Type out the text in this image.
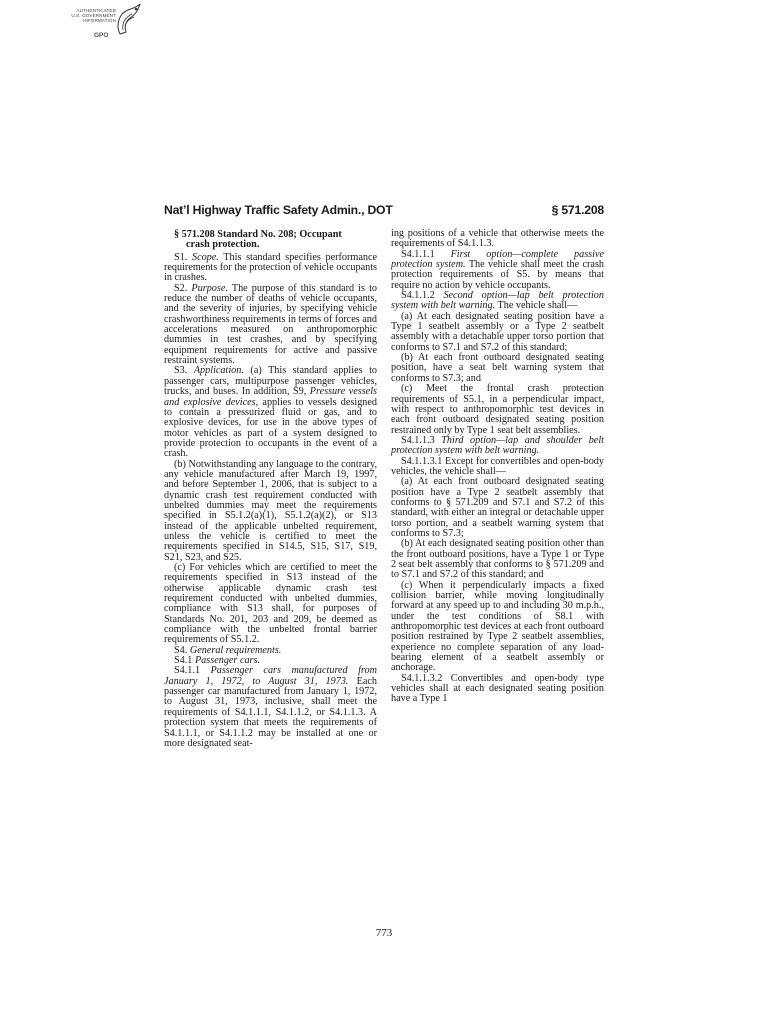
AUTHENTICATED
U.S. GOVERNMENT
INFORMATION
GPO
Nat’l Highway Traffic Safety Admin., DOT	§ 571.208

§ 571.208 Standard No. 208; Occupant
crash protection.

S1. Scope. This standard specifies performance requirements for the protection of vehicle occupants in crashes.

S2. Purpose. The purpose of this standard is to reduce the number of deaths of vehicle occupants, and the severity of injuries, by specifying vehicle crashworthiness requirements in terms of forces and accelerations measured on anthropomorphic dummies in test crashes, and by specifying equipment requirements for active and passive restraint systems.

S3. Application. (a) This standard applies to passenger cars, multipurpose passenger vehicles, trucks, and buses. In addition, S9, Pressure vessels and explosive devices, applies to vessels designed to contain a pressurized fluid or gas, and to explosive devices, for use in the above types of motor vehicles as part of a system designed to provide protection to occupants in the event of a crash.

(b) Notwithstanding any language to the contrary, any vehicle manufactured after March 19, 1997, and before September 1, 2006, that is subject to a dynamic crash test requirement conducted with unbelted dummies may meet the requirements specified in S5.1.2(a)(1), S5.1.2(a)(2), or S13 instead of the applicable unbelted requirement, unless the vehicle is certified to meet the requirements specified in S14.5, S15, S17, S19, S21, S23, and S25.

(c) For vehicles which are certified to meet the requirements specified in S13 instead of the otherwise applicable dynamic crash test requirement conducted with unbelted dummies, compliance with S13 shall, for purposes of Standards No. 201, 203 and 209, be deemed as compliance with the unbelted frontal barrier requirements of S5.1.2.

S4. General requirements.

S4.1 Passenger cars.

S4.1.1 Passenger cars manufactured from January 1, 1972, to August 31, 1973. Each passenger car manufactured from January 1, 1972, to August 31, 1973, inclusive, shall meet the requirements of S4.1.1.1, S4.1.1.2, or S4.1.1.3. A protection system that meets the requirements of S4.1.1.1, or S4.1.1.2 may be installed at one or more designated seat-

ing positions of a vehicle that otherwise meets the requirements of S4.1.1.3.

S4.1.1.1 First option—complete passive protection system. The vehicle shall meet the crash protection requirements of S5. by means that require no action by vehicle occupants.

S4.1.1.2 Second option—lap belt protection system with belt warning. The vehicle shall—

(a) At each designated seating position have a Type 1 seatbelt assembly or a Type 2 seatbelt assembly with a detachable upper torso portion that conforms to S7.1 and S7.2 of this standard;

(b) At each front outboard designated seating position, have a seat belt warning system that conforms to S7.3; and

(c) Meet the frontal crash protection requirements of S5.1, in a perpendicular impact, with respect to anthropomorphic test devices in each front outboard designated seating position restrained only by Type 1 seat belt assemblies.

S4.1.1.3 Third option—lap and shoulder belt protection system with belt warning.

S4.1.1.3.1 Except for convertibles and open-body vehicles, the vehicle shall—

(a) At each front outboard designated seating position have a Type 2 seatbelt assembly that conforms to § 571.209 and S7.1 and S7.2 of this standard, with either an integral or detachable upper torso portion, and a seatbelt warning system that conforms to S7.3;

(b) At each designated seating position other than the front outboard positions, have a Type 1 or Type 2 seat belt assembly that conforms to § 571.209 and to S7.1 and S7.2 of this standard; and

(c) When it perpendicularly impacts a fixed collision barrier, while moving longitudinally forward at any speed up to and including 30 m.p.h., under the test conditions of S8.1 with anthropomorphic test devices at each front outboard position restrained by Type 2 seatbelt assemblies, experience no complete separation of any load-bearing element of a seatbelt assembly or anchorage.

S4.1.1.3.2 Convertibles and open-body type vehicles shall at each designated seating position have a Type 1

773
